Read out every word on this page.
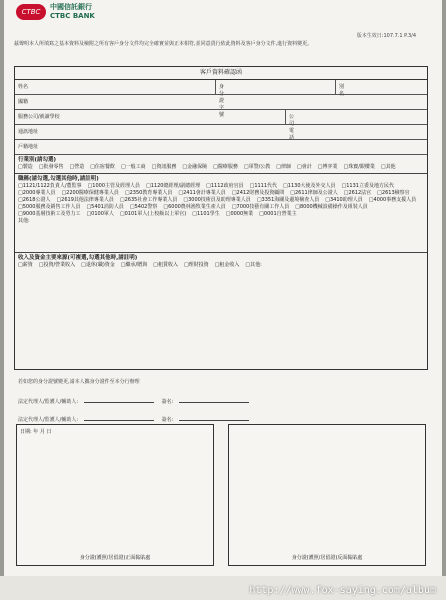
CTBC
中國信託銀行
CTBC BANK
版本生效日:107.7.1 P.3/4
茲聲明本人所填寫之基本資料及檢附之所有客戶身分文件均完全確實並與正本相符,並同意貴行依此資料及客戶身分文件,進行資料變更。
客戶資料確認函
姓名	身分證字號
別名
國籍
服務公司/就讀學校	公司電話
通訊地址
戶籍地址
行業別(請勾選)
□製造 □批發零售 □營造 □住宿餐飲 □一般工商 □資訊服務 □金融保險 □醫療服務 □軍警/公教 □律師 □會計 □博弈業 □珠寶/銀樓業 □其他
職稱(請勾選,勾選其他時,請註明)
□1121/1122負責人/董監事 □1000主管及經理人員 □1120總經理/副總經理 □1112政府官員 □1111代代 □1130大使及外交人員 □1131立委及地方民代□2000專業人員 □2200醫療保健專業人員 □2350教育專業人員 □2411會計專業人員 □2412財務及投資顧問 □2611律師及公證人 □2612法官 □2613檢察官□2618公證人 □2619其他法律專業人員 □2635社會工作專業人員 □3000技術員及助理專業人員 □3351海關及邊境檢查人員 □3410助理人員 □4000事務支援人員□5000服務及銷售工作人員 □5401消防人員 □5402警察 □6000農林漁牧業生產人員 □7000技藝有關工作人員 □8000機械設備操作及組裝人員□9000基層技術工及勞力工 □0100軍人 □0101軍人(上校級以上軍官) □1101學生 □0000無業 □0001自營業主
其他:
收入及資金主要來源(可複選,勾選其他時,請註明)
□薪資 □投資/營業收入 □退休(職)資金 □繼承/贈與 □租賃收入 □理財投資 □租金收入 □其他:
若如您的身分證號變更,請本人攜身分證件至本分行辦理
法定代理人/監護人/輔助人:	簽名:
法定代理人/監護人/輔助人:	簽名:
日期: 年 月 日
身分證(護照/居留證)正面黏貼處	身分證(護照/居留證)反面黏貼處
http://www.fox-saying.com/album
